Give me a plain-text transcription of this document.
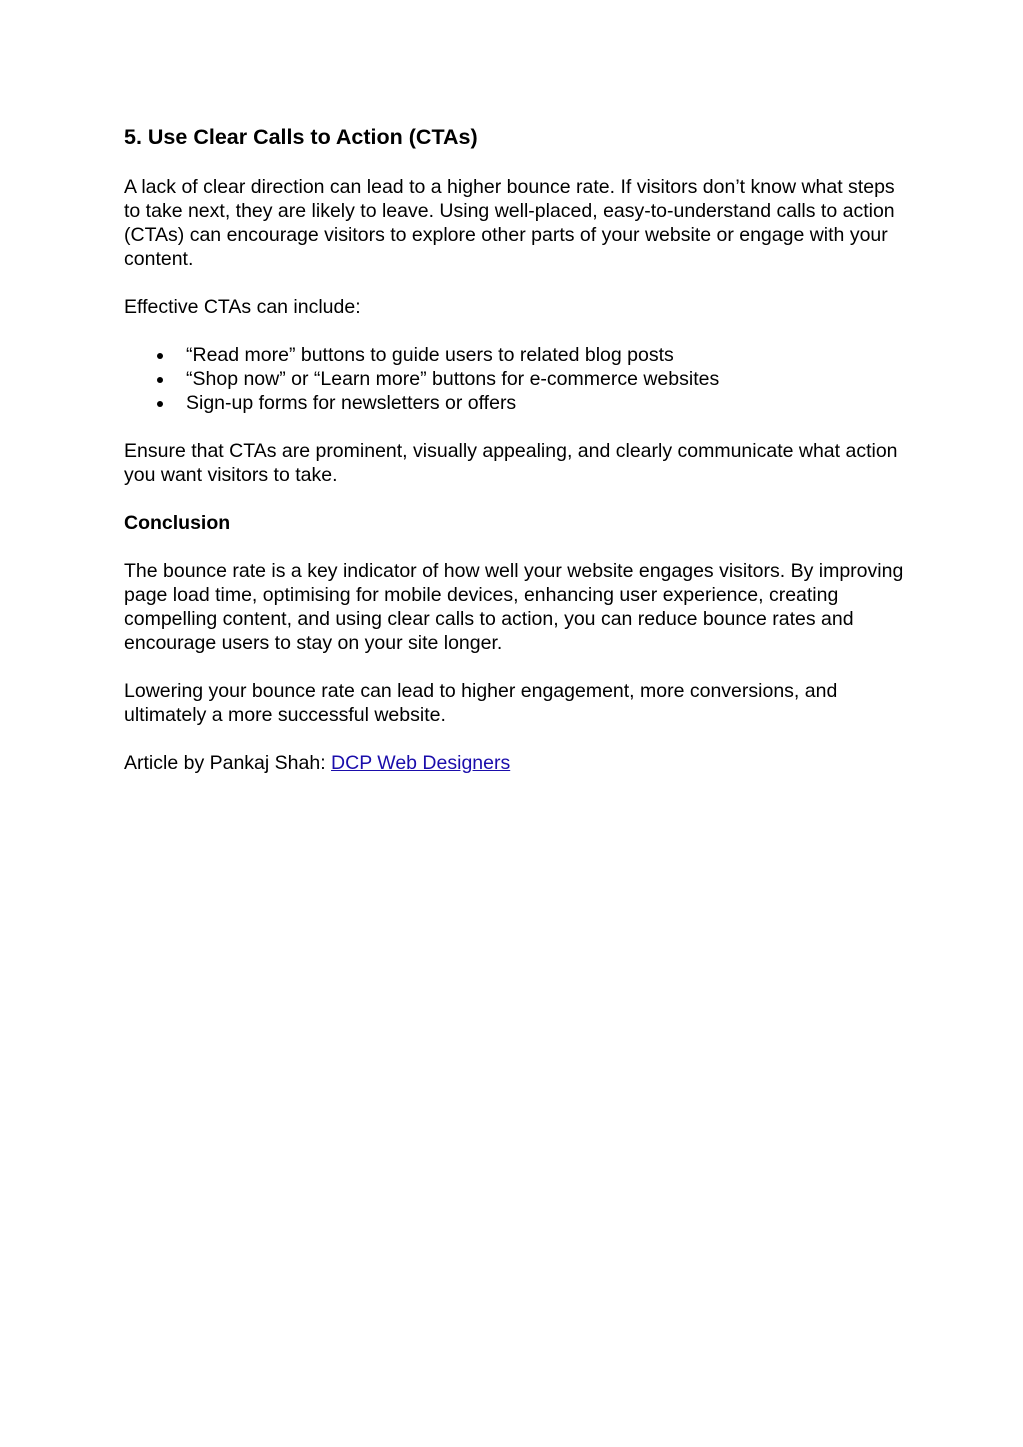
5. Use Clear Calls to Action (CTAs)

A lack of clear direction can lead to a higher bounce rate. If visitors don’t know what steps to take next, they are likely to leave. Using well-placed, easy-to-understand calls to action (CTAs) can encourage visitors to explore other parts of your website or engage with your content.

Effective CTAs can include:

“Read more” buttons to guide users to related blog posts
“Shop now” or “Learn more” buttons for e-commerce websites
Sign-up forms for newsletters or offers

Ensure that CTAs are prominent, visually appealing, and clearly communicate what action you want visitors to take.

Conclusion

The bounce rate is a key indicator of how well your website engages visitors. By improving page load time, optimising for mobile devices, enhancing user experience, creating compelling content, and using clear calls to action, you can reduce bounce rates and encourage users to stay on your site longer.

Lowering your bounce rate can lead to higher engagement, more conversions, and ultimately a more successful website.

Article by Pankaj Shah: DCP Web Designers
